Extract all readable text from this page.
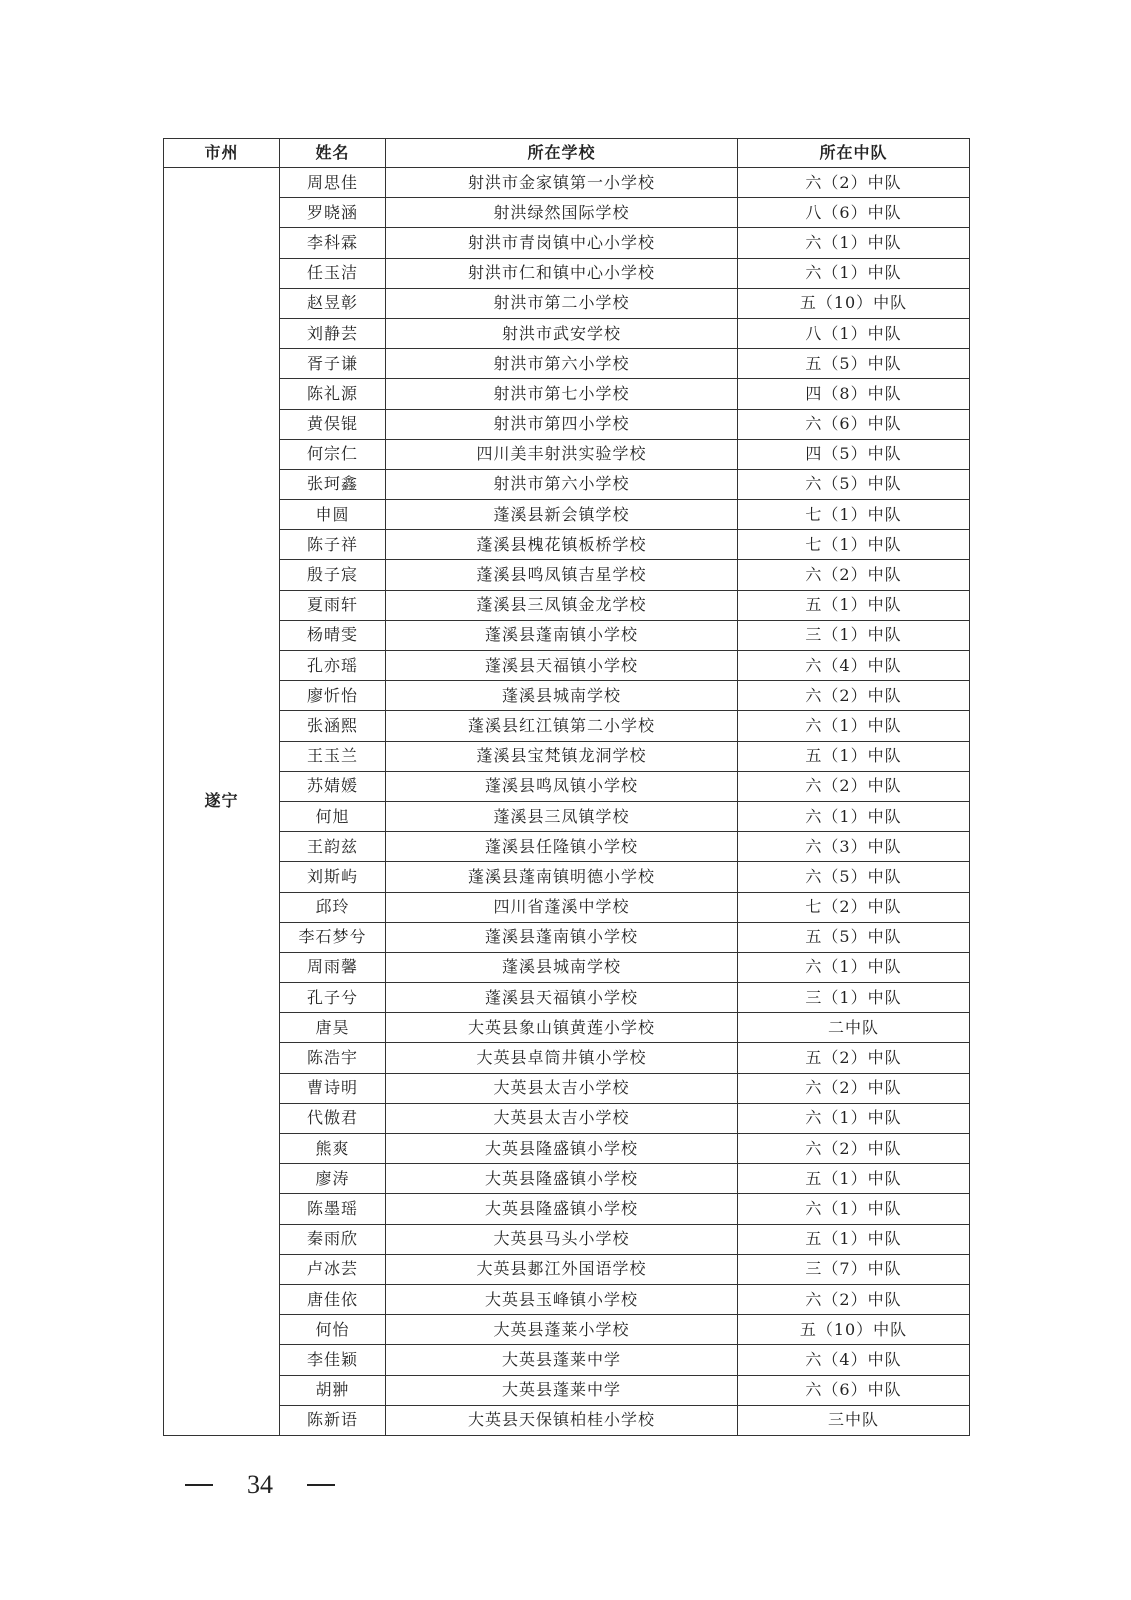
市州	姓名	所在学校	所在中队
遂宁	周思佳	射洪市金家镇第一小学校	六（2）中队
	罗晓涵	射洪绿然国际学校	八（6）中队
	李科霖	射洪市青岗镇中心小学校	六（1）中队
	任玉洁	射洪市仁和镇中心小学校	六（1）中队
	赵昱彰	射洪市第二小学校	五（10）中队
	刘静芸	射洪市武安学校	八（1）中队
	胥子谦	射洪市第六小学校	五（5）中队
	陈礼源	射洪市第七小学校	四（8）中队
	黄俣锟	射洪市第四小学校	六（6）中队
	何宗仁	四川美丰射洪实验学校	四（5）中队
	张珂鑫	射洪市第六小学校	六（5）中队
	申圆	蓬溪县新会镇学校	七（1）中队
	陈子祥	蓬溪县槐花镇板桥学校	七（1）中队
	殷子宸	蓬溪县鸣凤镇吉星学校	六（2）中队
	夏雨轩	蓬溪县三凤镇金龙学校	五（1）中队
	杨晴雯	蓬溪县蓬南镇小学校	三（1）中队
	孔亦瑶	蓬溪县天福镇小学校	六（4）中队
	廖忻怡	蓬溪县城南学校	六（2）中队
	张涵熙	蓬溪县红江镇第二小学校	六（1）中队
	王玉兰	蓬溪县宝梵镇龙洞学校	五（1）中队
	苏婧媛	蓬溪县鸣凤镇小学校	六（2）中队
	何旭	蓬溪县三凤镇学校	六（1）中队
	王韵兹	蓬溪县任隆镇小学校	六（3）中队
	刘斯屿	蓬溪县蓬南镇明德小学校	六（5）中队
	邱玲	四川省蓬溪中学校	七（2）中队
	李石梦兮	蓬溪县蓬南镇小学校	五（5）中队
	周雨馨	蓬溪县城南学校	六（1）中队
	孔子兮	蓬溪县天福镇小学校	三（1）中队
	唐昊	大英县象山镇黄莲小学校	二中队
	陈浩宇	大英县卓筒井镇小学校	五（2）中队
	曹诗明	大英县太吉小学校	六（2）中队
	代傲君	大英县太吉小学校	六（1）中队
	熊爽	大英县隆盛镇小学校	六（2）中队
	廖涛	大英县隆盛镇小学校	五（1）中队
	陈墨瑶	大英县隆盛镇小学校	六（1）中队
	秦雨欣	大英县马头小学校	五（1）中队
	卢冰芸	大英县郪江外国语学校	三（7）中队
	唐佳依	大英县玉峰镇小学校	六（2）中队
	何怡	大英县蓬莱小学校	五（10）中队
	李佳颖	大英县蓬莱中学	六（4）中队
	胡翀	大英县蓬莱中学	六（6）中队
	陈新语	大英县天保镇柏桂小学校	三中队
34
